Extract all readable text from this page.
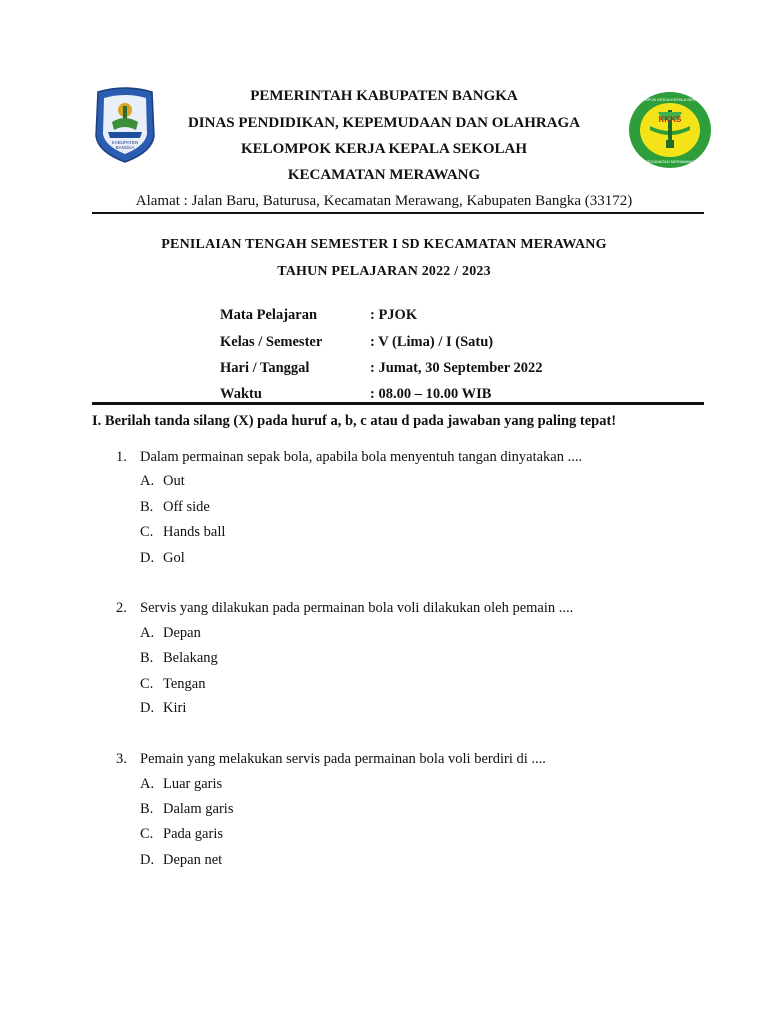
KABUPATEN
BANGKA
KKKS
KELOMPOK KERJA KEPALA SEKOLAH
KECAMATAN MERAWANG
PEMERINTAH KABUPATEN BANGKA
DINAS PENDIDIKAN, KEPEMUDAAN DAN OLAHRAGA
KELOMPOK KERJA KEPALA SEKOLAH
KECAMATAN MERAWANG
Alamat : Jalan Baru, Baturusa, Kecamatan Merawang, Kabupaten Bangka (33172)
PENILAIAN TENGAH SEMESTER I SD KECAMATAN MERAWANG
TAHUN PELAJARAN 2022 / 2023
Mata Pelajaran	: PJOK
Kelas / Semester	: V (Lima) / I (Satu)
Hari / Tanggal	: Jumat, 30 September 2022
Waktu	: 08.00 – 10.00 WIB
I. Berilah tanda silang (X) pada huruf a, b, c atau d pada jawaban yang paling tepat!
1. Dalam permainan sepak bola, apabila bola menyentuh tangan dinyatakan ....
A. Out
B. Off side
C. Hands ball
D. Gol
2. Servis yang dilakukan pada permainan bola voli dilakukan oleh pemain ....
A. Depan
B. Belakang
C. Tengan
D. Kiri
3. Pemain yang melakukan servis pada permainan bola voli berdiri di ....
A. Luar garis
B. Dalam garis
C. Pada garis
D. Depan net
